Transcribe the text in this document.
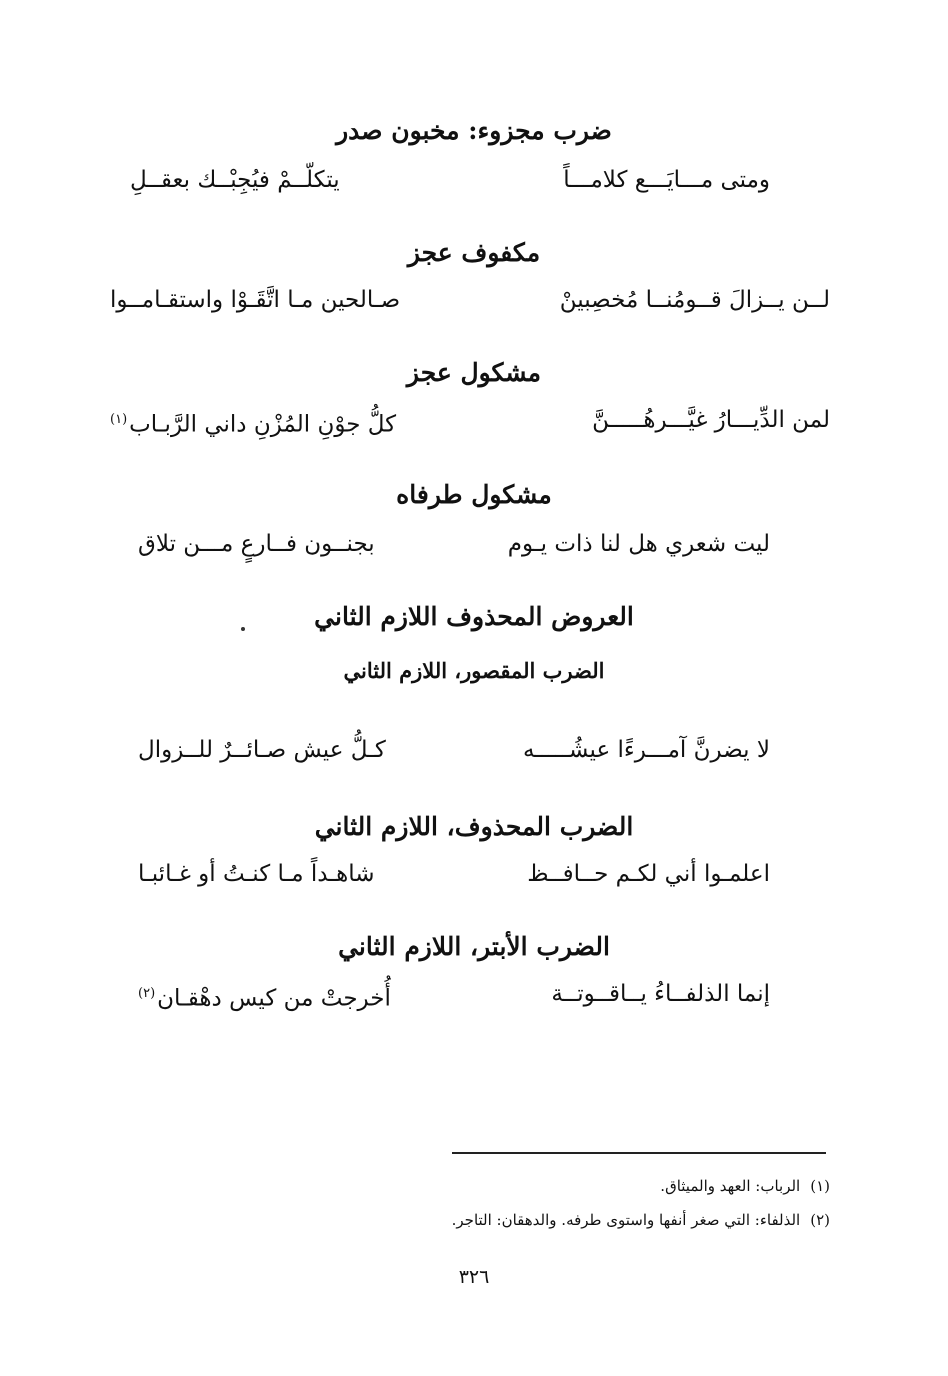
ضرب مجزوء: مخبون صدر
ومتى مـــايَـــع كلامـــاً
يتكلّــمْ فيُجِبْــك بعقــلِ
مكفوف عجز
لــن يــزالَ قــومُنــا مُخصِبينْ
صـالحين مـا اتَّقَـوْا واستقـامــوا
مشكول عجز
لمن الدِّيـــارُ غيَّـــرهُـــــنَّ
كلُّ جوْنِ المُزْنِ داني الرَّبـاب$^{(١)}$
مشكول طرفاه
ليت شعري هل لنا ذات يـوم
بجنــون فــارعٍ مـــن تلاق
العروض المحذوف اللازم الثاني
الضرب المقصور، اللازم الثاني
لا يضرنَّ آمـــرءًا عيشُـــــه
كـلُّ عيش صـائــرٌ للــزوال
الضرب المحذوف، اللازم الثاني
اعلمـوا أني لكـم حــافــظ
شاهـداً مـا كنـتُ أو غـائبـا
الضرب الأبتر، اللازم الثاني
إنما الذلفــاءُ يــاقــوتــة
أُخرجتْ من كيس دهْقـان$^{(٢)}$
(١)الرباب: العهد والميثاق.
(٢)الذلفاء: التي صغر أنفها واستوى طرفه. والدهقان: التاجر.
٣٢٦
